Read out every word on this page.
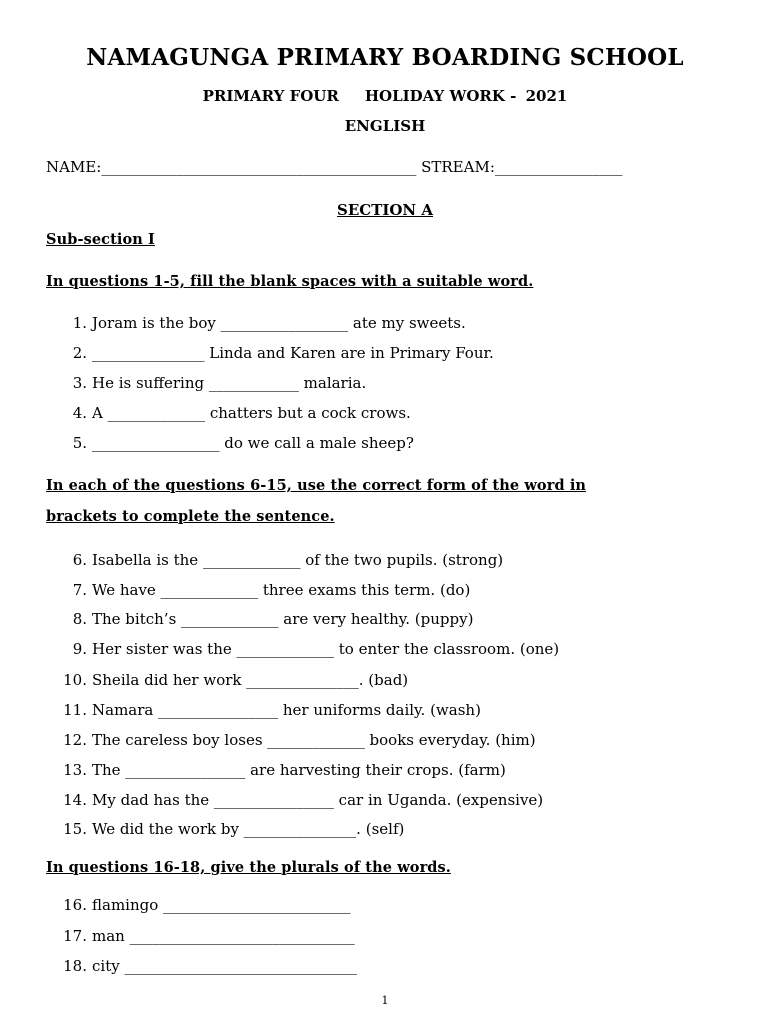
NAMAGUNGA PRIMARY BOARDING SCHOOL
PRIMARY FOUR HOLIDAY WORK - 2021
ENGLISH
NAME:__________________________________________ STREAM:_________________
SECTION A
Sub-section I
In questions 1-5, fill the blank spaces with a suitable word.
In each of the questions 6-15, use the correct form of the word in
brackets to complete the sentence.
In questions 16-18, give the plurals of the words.
1. Joram is the boy _________________ ate my sweets.
2. _______________ Linda and Karen are in Primary Four.
3. He is suffering ____________ malaria.
4. A _____________ chatters but a cock crows.
5. _________________ do we call a male sheep?
6. Isabella is the _____________ of the two pupils. (strong)
7. We have _____________ three exams this term. (do)
8. The bitch’s _____________ are very healthy. (puppy)
9. Her sister was the _____________ to enter the classroom. (one)
10. Sheila did her work _______________. (bad)
11. Namara ________________ her uniforms daily. (wash)
12. The careless boy loses _____________ books everyday. (him)
13. The ________________ are harvesting their crops. (farm)
14. My dad has the ________________ car in Uganda. (expensive)
15. We did the work by _______________. (self)
16. flamingo _________________________
17. man ______________________________
18. city _______________________________
1
